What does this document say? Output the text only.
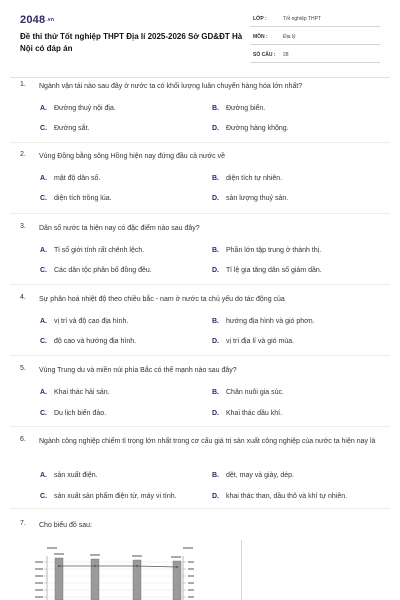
2048.vn
Đề thi thử Tốt nghiệp THPT Địa lí 2025-2026 Sở GD&ĐT Hà Nội có đáp án
LỚP :	Tốt nghiệp THPT
MÔN :	Địa lý
SỐ CÂU : 28
1. Ngành vận tải nào sau đây ở nước ta có khối lượng luân chuyển hàng hóa lớn nhất?
A. Đường thuỷ nội địa.	B. Đường biển.
C. Đường sắt.	D. Đường hàng không.
2. Vùng Đồng bằng sông Hồng hiện nay đứng đầu cả nước về
A. mật độ dân số.	B. diện tích tự nhiên.
C. diện tích trồng lúa.	D. sản lượng thuỷ sản.
3. Dân số nước ta hiện nay có đặc điểm nào sau đây?
A. Tỉ số giới tính rất chênh lệch.	B. Phần lớn tập trung ở thành thị.
C. Các dân tộc phân bố đồng đều.	D. Tỉ lệ gia tăng dân số giảm dần.
4. Sự phân hoá nhiệt độ theo chiều bắc - nam ở nước ta chủ yếu do tác động của
A. vị trí và độ cao địa hình.	B. hướng địa hình và gió phơn.
C. độ cao và hướng địa hình.	D. vị trí địa lí và gió mùa.
5. Vùng Trung du và miền núi phía Bắc có thế mạnh nào sau đây?
A. Khai thác hải sản.	B. Chăn nuôi gia súc.
C. Du lịch biển đảo.	D. Khai thác dầu khí.
6. Ngành công nghiệp chiếm tỉ trọng lớn nhất trong cơ cấu giá trị sản xuất công nghiệp của nước ta hiện nay là
A. sản xuất điện.	B. dệt, may và giày, dép.
C. sản xuất sản phẩm điện tử, máy vi tính.	D. khai thác than, dầu thô và khí tự nhiên.
7. Cho biểu đồ sau:
